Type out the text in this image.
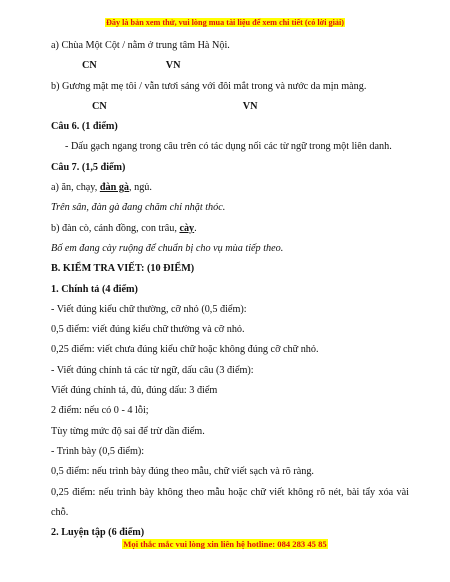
Đây là bản xem thử, vui lòng mua tài liệu để xem chi tiết (có lời giải)
a) Chùa Một Cột / nằm ở trung tâm Hà Nội.
CN	VN
b) Gương mặt mẹ tôi / vẫn tươi sáng với đôi mắt trong và nước da mịn màng.
CN	VN
Câu 6. (1 điểm)
- Dấu gạch ngang trong câu trên có tác dụng nối các từ ngữ trong một liên danh.
Câu 7. (1,5 điểm)
a) ăn, chạy, đàn gà, ngủ.
Trên sân, đàn gà đang chăm chỉ nhặt thóc.
b) đàn cò, cánh đồng, con trâu, cày.
Bố em đang cày ruộng để chuẩn bị cho vụ mùa tiếp theo.
B. KIỂM TRA VIẾT: (10 ĐIỂM)
1. Chính tả (4 điểm)
- Viết đúng kiểu chữ thường, cỡ nhỏ (0,5 điểm):
0,5 điểm: viết đúng kiểu chữ thường và cỡ nhỏ.
0,25 điểm: viết chưa đúng kiểu chữ hoặc không đúng cỡ chữ nhỏ.
- Viết đúng chính tả các từ ngữ, dấu câu (3 điểm):
Viết đúng chính tả, đủ, đúng dấu: 3 điểm
2 điểm: nếu có 0 - 4 lỗi;
Tùy từng mức độ sai để trừ dần điểm.
- Trình bày (0,5 điểm):
0,5 điểm: nếu trình bày đúng theo mẫu, chữ viết sạch và rõ ràng.
0,25 điểm: nếu trình bày không theo mẫu hoặc chữ viết không rõ nét, bài tẩy xóa vài chỗ.
2. Luyện tập (6 điểm)
Mọi thắc mắc vui lòng xin liên hệ hotline: 084 283 45 85
